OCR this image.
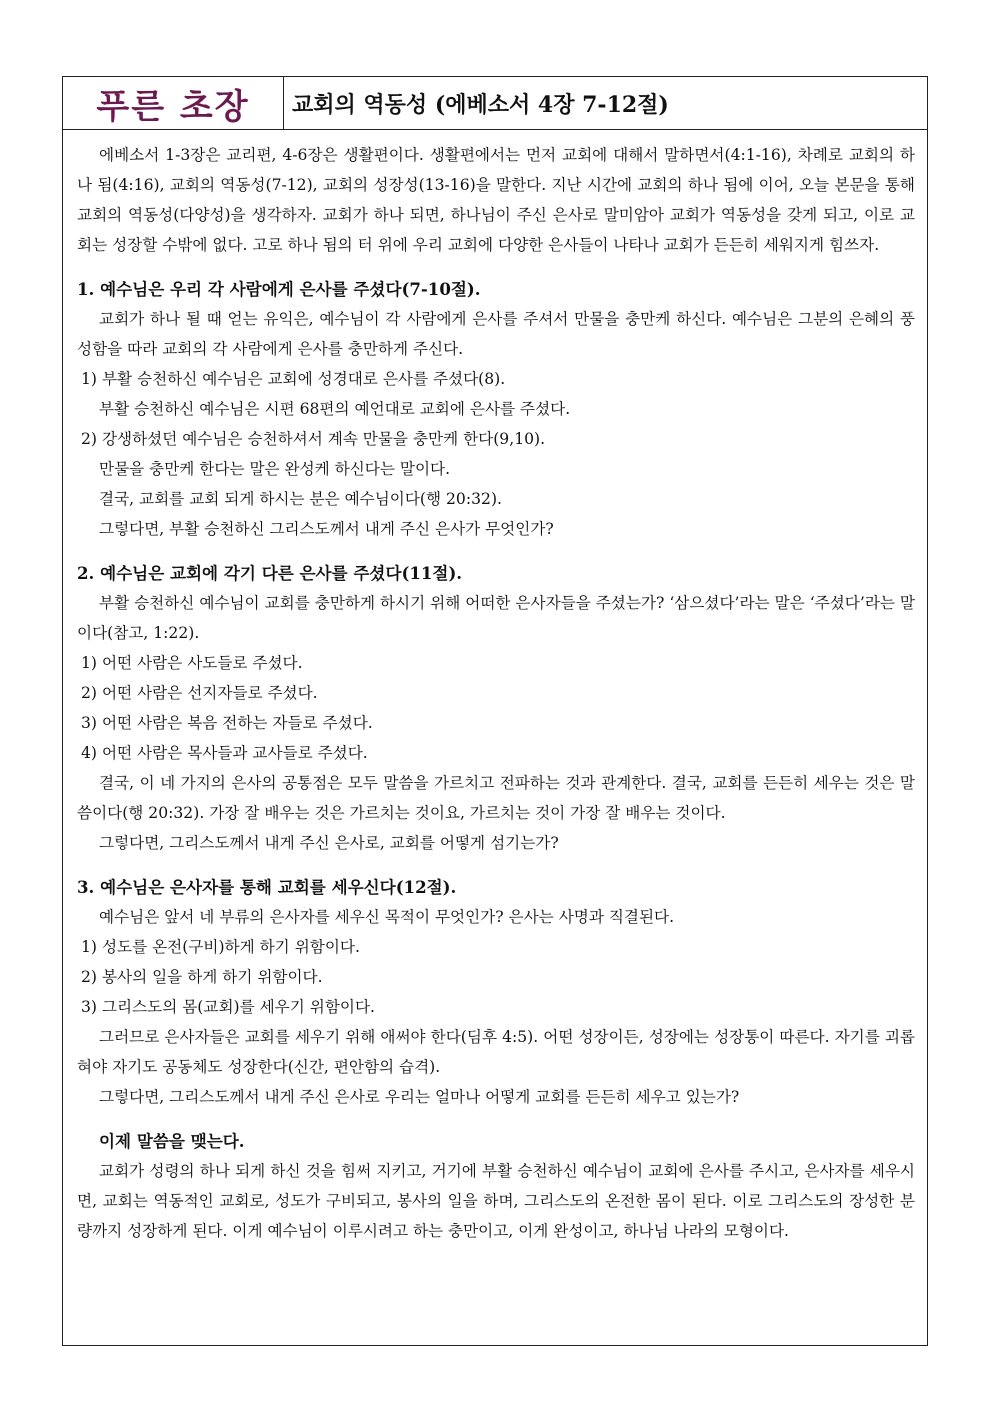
푸른 초장	교회의 역동성 (에베소서 4장 7-12절)

에베소서 1-3장은 교리편, 4-6장은 생활편이다. 생활편에서는 먼저 교회에 대해서 말하면서(4:1-16), 차례로 교회의 하나 됨(4:16), 교회의 역동성(7-12), 교회의 성장성(13-16)을 말한다. 지난 시간에 교회의 하나 됨에 이어, 오늘 본문을 통해 교회의 역동성(다양성)을 생각하자. 교회가 하나 되면, 하나님이 주신 은사로 말미암아 교회가 역동성을 갖게 되고, 이로 교회는 성장할 수밖에 없다. 고로 하나 됨의 터 위에 우리 교회에 다양한 은사들이 나타나 교회가 든든히 세워지게 힘쓰자.

1. 예수님은 우리 각 사람에게 은사를 주셨다(7-10절).

교회가 하나 될 때 얻는 유익은, 예수님이 각 사람에게 은사를 주셔서 만물을 충만케 하신다. 예수님은 그분의 은혜의 풍성함을 따라 교회의 각 사람에게 은사를 충만하게 주신다.

1) 부활 승천하신 예수님은 교회에 성경대로 은사를 주셨다(8).

부활 승천하신 예수님은 시편 68편의 예언대로 교회에 은사를 주셨다.

2) 강생하셨던 예수님은 승천하셔서 계속 만물을 충만케 한다(9,10).

만물을 충만케 한다는 말은 완성케 하신다는 말이다.

결국, 교회를 교회 되게 하시는 분은 예수님이다(행 20:32).

그렇다면, 부활 승천하신 그리스도께서 내게 주신 은사가 무엇인가?

2. 예수님은 교회에 각기 다른 은사를 주셨다(11절).

부활 승천하신 예수님이 교회를 충만하게 하시기 위해 어떠한 은사자들을 주셨는가? ‘삼으셨다’라는 말은 ‘주셨다’라는 말이다(참고, 1:22).

1) 어떤 사람은 사도들로 주셨다.

2) 어떤 사람은 선지자들로 주셨다.

3) 어떤 사람은 복음 전하는 자들로 주셨다.

4) 어떤 사람은 목사들과 교사들로 주셨다.

결국, 이 네 가지의 은사의 공통점은 모두 말씀을 가르치고 전파하는 것과 관계한다. 결국, 교회를 든든히 세우는 것은 말씀이다(행 20:32). 가장 잘 배우는 것은 가르치는 것이요, 가르치는 것이 가장 잘 배우는 것이다.

그렇다면, 그리스도께서 내게 주신 은사로, 교회를 어떻게 섬기는가?

3. 예수님은 은사자를 통해 교회를 세우신다(12절).

예수님은 앞서 네 부류의 은사자를 세우신 목적이 무엇인가? 은사는 사명과 직결된다.

1) 성도를 온전(구비)하게 하기 위함이다.

2) 봉사의 일을 하게 하기 위함이다.

3) 그리스도의 몸(교회)를 세우기 위함이다.

그러므로 은사자들은 교회를 세우기 위해 애써야 한다(딤후 4:5). 어떤 성장이든, 성장에는 성장통이 따른다. 자기를 괴롭혀야 자기도 공동체도 성장한다(신간, 편안함의 습격).

그렇다면, 그리스도께서 내게 주신 은사로 우리는 얼마나 어떻게 교회를 든든히 세우고 있는가?

이제 말씀을 맺는다.

교회가 성령의 하나 되게 하신 것을 힘써 지키고, 거기에 부활 승천하신 예수님이 교회에 은사를 주시고, 은사자를 세우시면, 교회는 역동적인 교회로, 성도가 구비되고, 봉사의 일을 하며, 그리스도의 온전한 몸이 된다. 이로 그리스도의 장성한 분량까지 성장하게 된다. 이게 예수님이 이루시려고 하는 충만이고, 이게 완성이고, 하나님 나라의 모형이다.
